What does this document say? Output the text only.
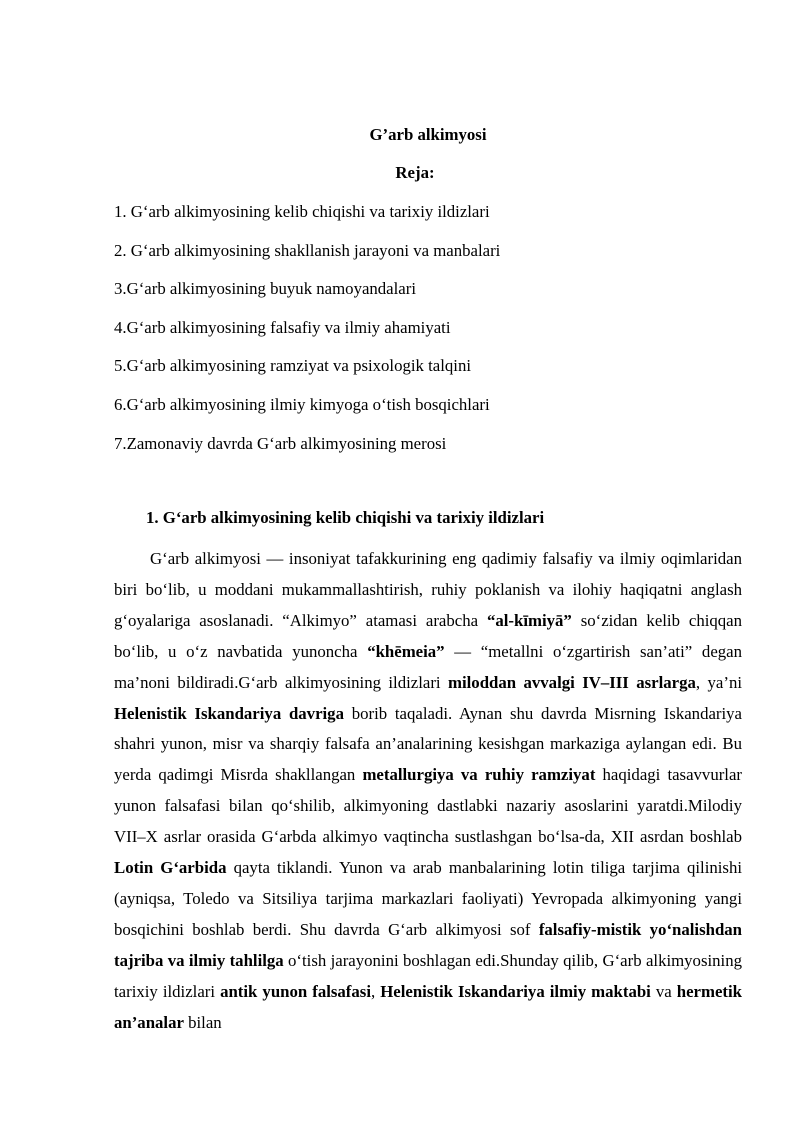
G’arb alkimyosi
Reja:
1. G‘arb alkimyosining kelib chiqishi va tarixiy ildizlari
2. G‘arb alkimyosining shakllanish jarayoni va manbalari
3.G‘arb alkimyosining buyuk namoyandalari
4.G‘arb alkimyosining falsafiy va ilmiy ahamiyati
5.G‘arb alkimyosining ramziyat va psixologik talqini
6.G‘arb alkimyosining ilmiy kimyoga o‘tish bosqichlari
7.Zamonaviy davrda G‘arb alkimyosining merosi
1. G‘arb alkimyosining kelib chiqishi va tarixiy ildizlari

G‘arb alkimyosi — insoniyat tafakkurining eng qadimiy falsafiy va ilmiy oqimlaridan biri bo‘lib, u moddani mukammallashtirish, ruhiy poklanish va ilohiy haqiqatni anglash g‘oyalariga asoslanadi. “Alkimyo” atamasi arabcha “al-kīmiyā” so‘zidan kelib chiqqan bo‘lib, u o‘z navbatida yunoncha “khēmeia” — “metallni o‘zgartirish san’ati” degan ma’noni bildiradi.G‘arb alkimyosining ildizlari miloddan avvalgi IV–III asrlarga, ya’ni Helenistik Iskandariya davriga borib taqaladi. Aynan shu davrda Misrning Iskandariya shahri yunon, misr va sharqiy falsafa an’analarining kesishgan markaziga aylangan edi. Bu yerda qadimgi Misrda shakllangan metallurgiya va ruhiy ramziyat haqidagi tasavvurlar yunon falsafasi bilan qo‘shilib, alkimyoning dastlabki nazariy asoslarini yaratdi.Milodiy VII–X asrlar orasida G‘arbda alkimyo vaqtincha sustlashgan bo‘lsa-da, XII asrdan boshlab Lotin G‘arbida qayta tiklandi. Yunon va arab manbalarining lotin tiliga tarjima qilinishi (ayniqsa, Toledo va Sitsiliya tarjima markazlari faoliyati) Yevropada alkimyoning yangi bosqichini boshlab berdi. Shu davrda G‘arb alkimyosi sof falsafiy-mistik yo‘nalishdan tajriba va ilmiy tahlilga o‘tish jarayonini boshlagan edi.Shunday qilib, G‘arb alkimyosining tarixiy ildizlari antik yunon falsafasi, Helenistik Iskandariya ilmiy maktabi va hermetik an’analar bilan
